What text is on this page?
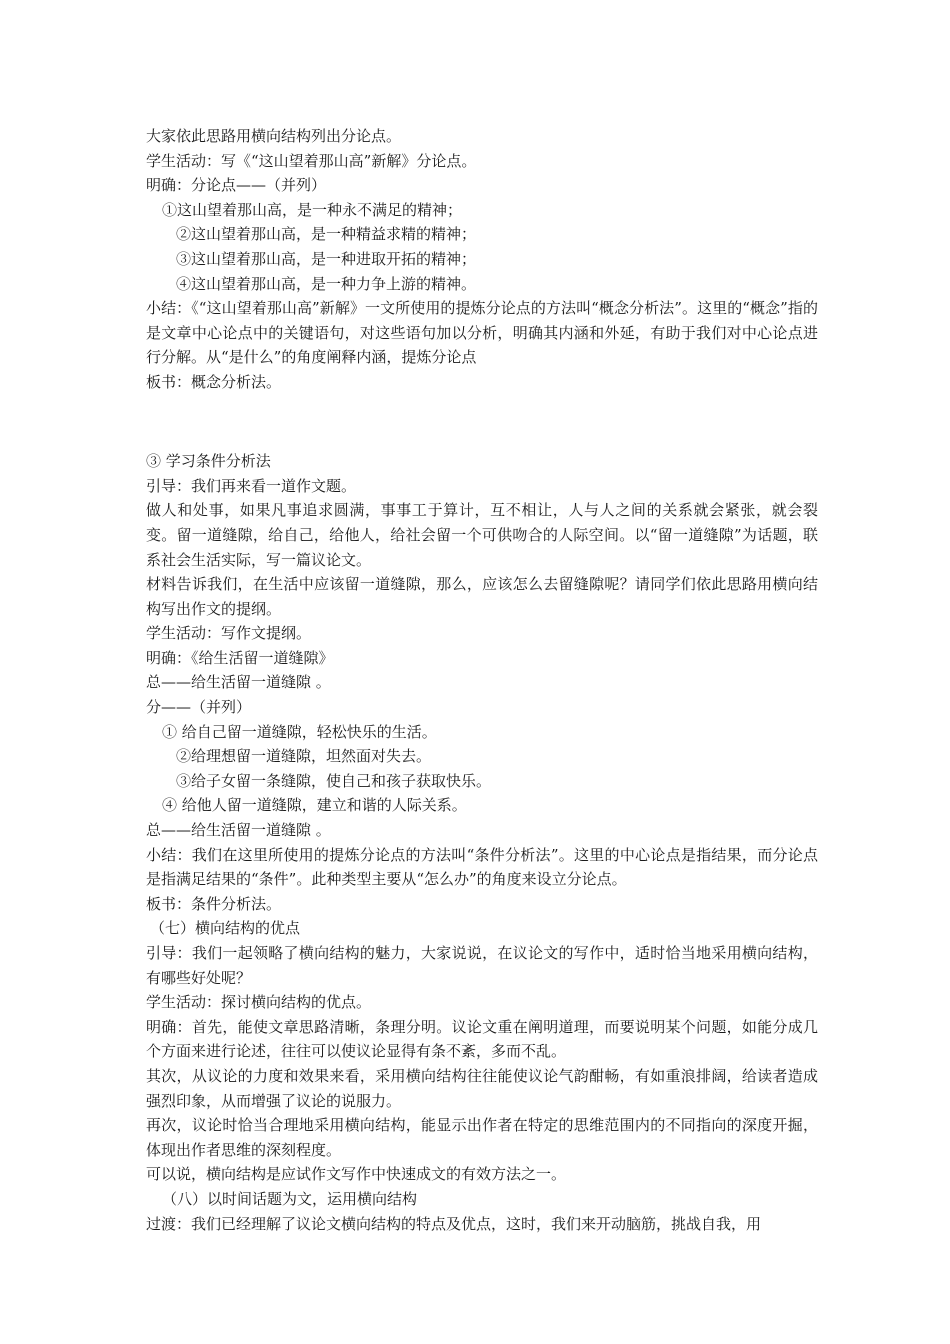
大家依此思路用横向结构列出分论点。

学生活动：写《“这山望着那山高”新解》分论点。

明确：分论点——（并列）

①这山望着那山高，是一种永不满足的精神；

②这山望着那山高，是一种精益求精的精神；

③这山望着那山高，是一种进取开拓的精神；

④这山望着那山高，是一种力争上游的精神。

小结：《“这山望着那山高”新解》一文所使用的提炼分论点的方法叫“概念分析法”。这里的“概念”指的是文章中心论点中的关键语句，对这些语句加以分析，明确其内涵和外延，有助于我们对中心论点进行分解。从“是什么”的角度阐释内涵，提炼分论点

板书：概念分析法。

③ 学习条件分析法

引导：我们再来看一道作文题。

做人和处事，如果凡事追求圆满，事事工于算计，互不相让，人与人之间的关系就会紧张，就会裂变。留一道缝隙，给自己，给他人，给社会留一个可供吻合的人际空间。以“留一道缝隙”为话题，联系社会生活实际，写一篇议论文。

材料告诉我们，在生活中应该留一道缝隙，那么，应该怎么去留缝隙呢？请同学们依此思路用横向结构写出作文的提纲。

学生活动：写作文提纲。

明确：《给生活留一道缝隙》

总——给生活留一道缝隙 。

分——（并列）

① 给自己留一道缝隙，轻松快乐的生活。

②给理想留一道缝隙，坦然面对失去。

③给子女留一条缝隙，使自己和孩子获取快乐。

④ 给他人留一道缝隙，建立和谐的人际关系。

总——给生活留一道缝隙 。

小结：我们在这里所使用的提炼分论点的方法叫“条件分析法”。这里的中心论点是指结果，而分论点是指满足结果的“条件”。此种类型主要从“怎么办”的角度来设立分论点。

板书：条件分析法。

（七）横向结构的优点

引导：我们一起领略了横向结构的魅力，大家说说，在议论文的写作中，适时恰当地采用横向结构，有哪些好处呢？

学生活动：探讨横向结构的优点。

明确：首先，能使文章思路清晰，条理分明。议论文重在阐明道理，而要说明某个问题，如能分成几个方面来进行论述，往往可以使议论显得有条不紊，多而不乱。

其次，从议论的力度和效果来看，采用横向结构往往能使议论气韵酣畅，有如重浪排阔，给读者造成强烈印象，从而增强了议论的说服力。

再次，议论时恰当合理地采用横向结构，能显示出作者在特定的思维范围内的不同指向的深度开掘，体现出作者思维的深刻程度。

可以说，横向结构是应试作文写作中快速成文的有效方法之一。

（八）以时间话题为文，运用横向结构

过渡：我们已经理解了议论文横向结构的特点及优点，这时，我们来开动脑筋，挑战自我，用
